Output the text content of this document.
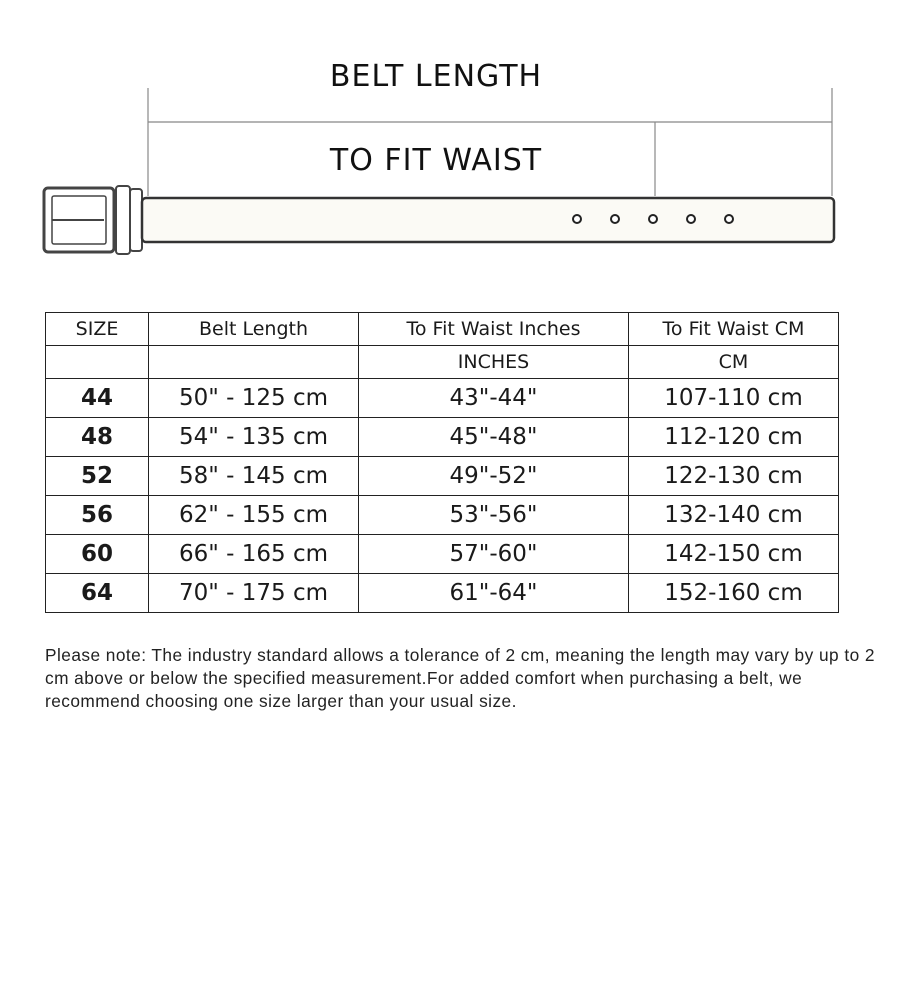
BELT LENGTH
TO FIT WAIST
SIZE	Belt Length	To Fit Waist Inches	To Fit Waist CM
		INCHES	CM
44	50" - 125 cm	43"-44"	107-110 cm
48	54" - 135 cm	45"-48"	112-120 cm
52	58" - 145 cm	49"-52"	122-130 cm
56	62" - 155 cm	53"-56"	132-140 cm
60	66" - 165 cm	57"-60"	142-150 cm
64	70" - 175 cm	61"-64"	152-160 cm

Please note: The industry standard allows a tolerance of 2 cm, meaning the length may vary by up to 2 cm above or below the specified measurement.For added comfort when purchasing a belt, we recommend choosing one size larger than your usual size.
